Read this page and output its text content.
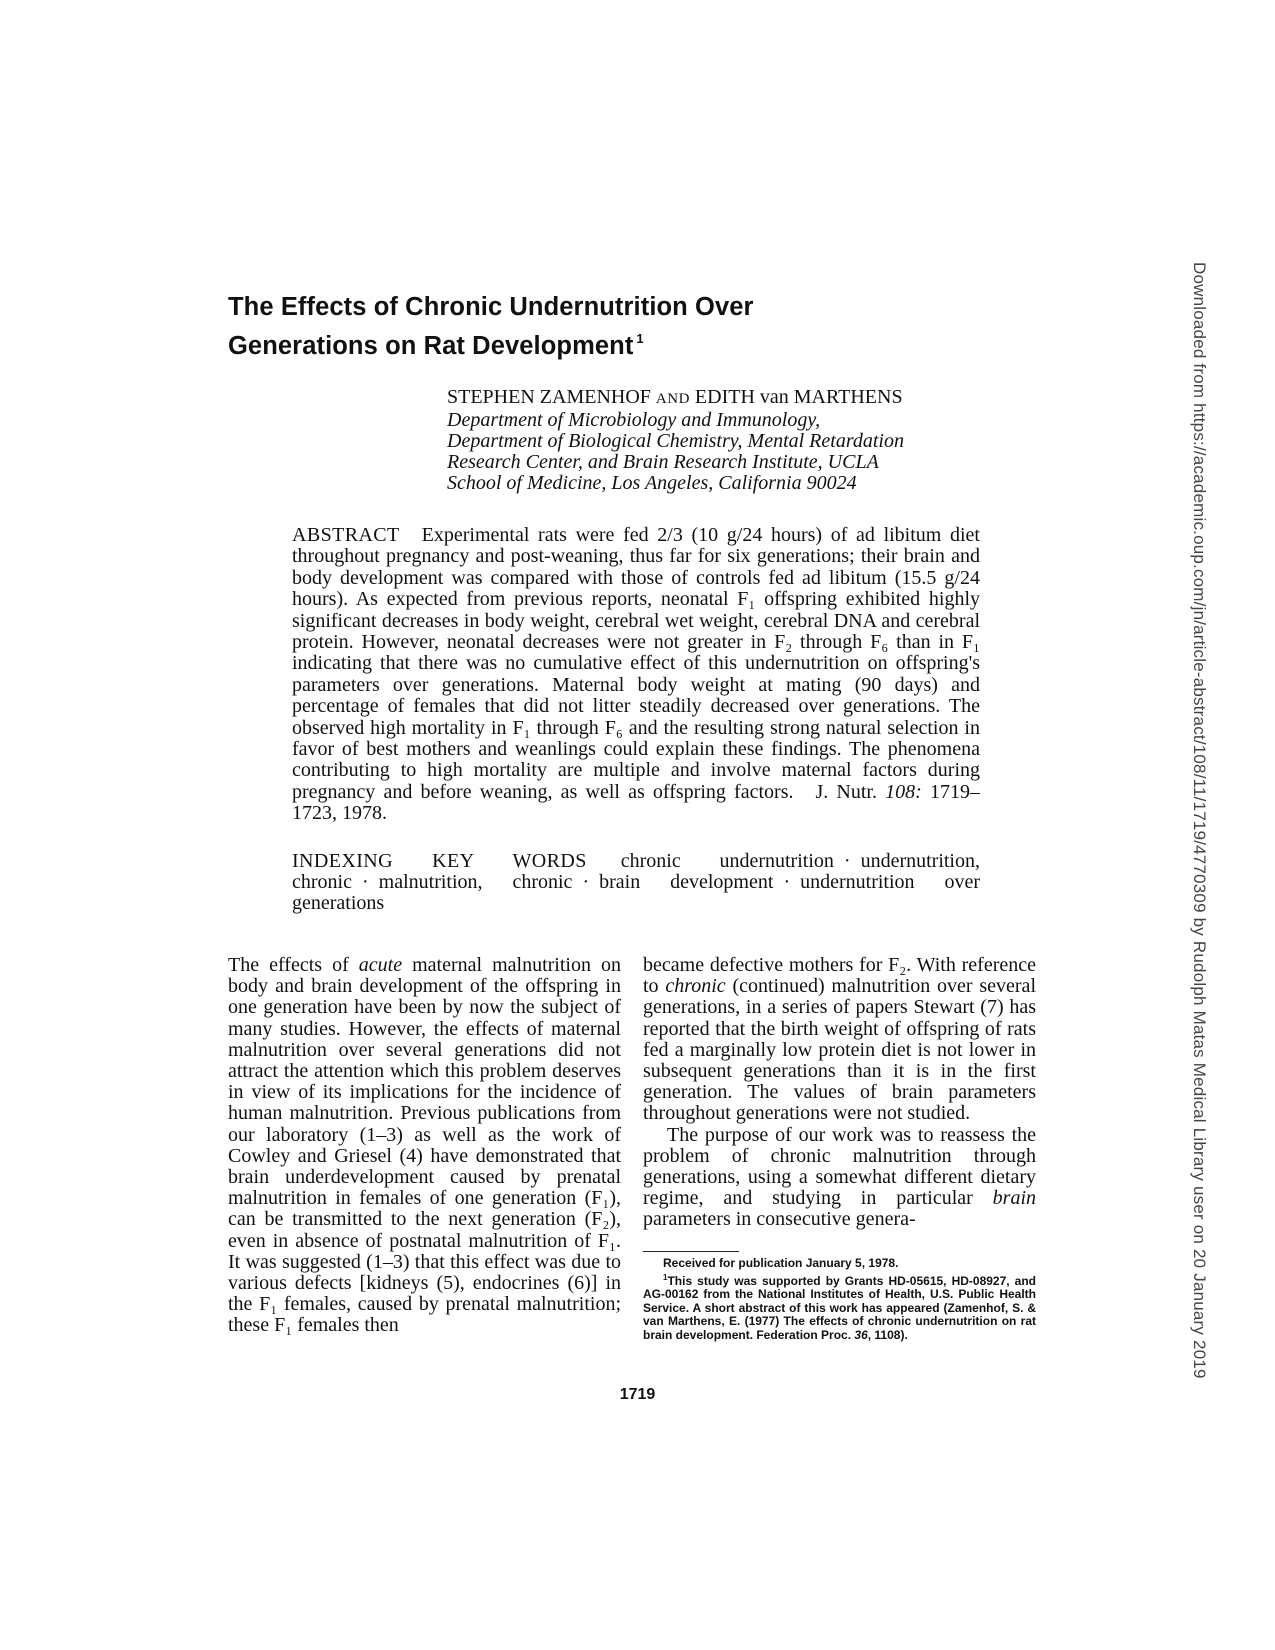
The Effects of Chronic Undernutrition Over
Generations on Rat Development $^1$
STEPHEN ZAMENHOF AND EDITH van MARTHENS
Department of Microbiology and Immunology,
Department of Biological Chemistry, Mental Retardation
Research Center, and Brain Research Institute, UCLA
School of Medicine, Los Angeles, California 90024
ABSTRACT Experimental rats were fed 2/3 (10 g/24 hours) of ad libitum diet throughout pregnancy and post-weaning, thus far for six generations; their brain and body development was compared with those of controls fed ad libitum (15.5 g/24 hours). As expected from previous reports, neonatal F₁ offspring exhibited highly significant decreases in body weight, cerebral wet weight, cerebral DNA and cerebral protein. However, neonatal decreases were not greater in F₂ through F₆ than in F₁ indicating that there was no cumulative effect of this undernutrition on offspring's parameters over generations. Maternal body weight at mating (90 days) and percentage of females that did not litter steadily decreased over generations. The observed high mortality in F₁ through F₆ and the resulting strong natural selection in favor of best mothers and weanlings could explain these findings. The phenomena contributing to high mortality are multiple and involve maternal factors during pregnancy and before weaning, as well as offspring factors. J. Nutr. 108: 1719–1723, 1978.
INDEXING KEY WORDS chronic undernutrition · undernutrition, chronic · malnutrition, chronic · brain development · undernutrition over generations

The effects of acute maternal malnutrition on body and brain development of the offspring in one generation have been by now the subject of many studies. However, the effects of maternal malnutrition over several generations did not attract the attention which this problem deserves in view of its implications for the incidence of human malnutrition. Previous publications from our laboratory (1–3) as well as the work of Cowley and Griesel (4) have demonstrated that brain underdevelopment caused by prenatal malnutrition in females of one generation (F₁), can be transmitted to the next generation (F₂), even in absence of postnatal malnutrition of F₁. It was suggested (1–3) that this effect was due to various defects [kidneys (5), endocrines (6)] in the F₁ females, caused by prenatal malnutrition; these F₁ females then

became defective mothers for F₂. With reference to chronic (continued) malnutrition over several generations, in a series of papers Stewart (7) has reported that the birth weight of offspring of rats fed a marginally low protein diet is not lower in subsequent generations than it is in the first generation. The values of brain parameters throughout generations were not studied.

The purpose of our work was to reassess the problem of chronic malnutrition through generations, using a somewhat different dietary regime, and studying in particular brain parameters in consecutive genera-

Received for publication January 5, 1978.

$^1$This study was supported by Grants HD-05615, HD-08927, and AG-00162 from the National Institutes of Health, U.S. Public Health Service. A short abstract of this work has appeared (Zamenhof, S. & van Marthens, E. (1977) The effects of chronic undernutrition on rat brain development. Federation Proc. 36, 1108).

1719
Downloaded from https://academic.oup.com/jn/article-abstract/108/11/1719/4770309 by Rudolph Matas Medical Library user on 20 January 2019
